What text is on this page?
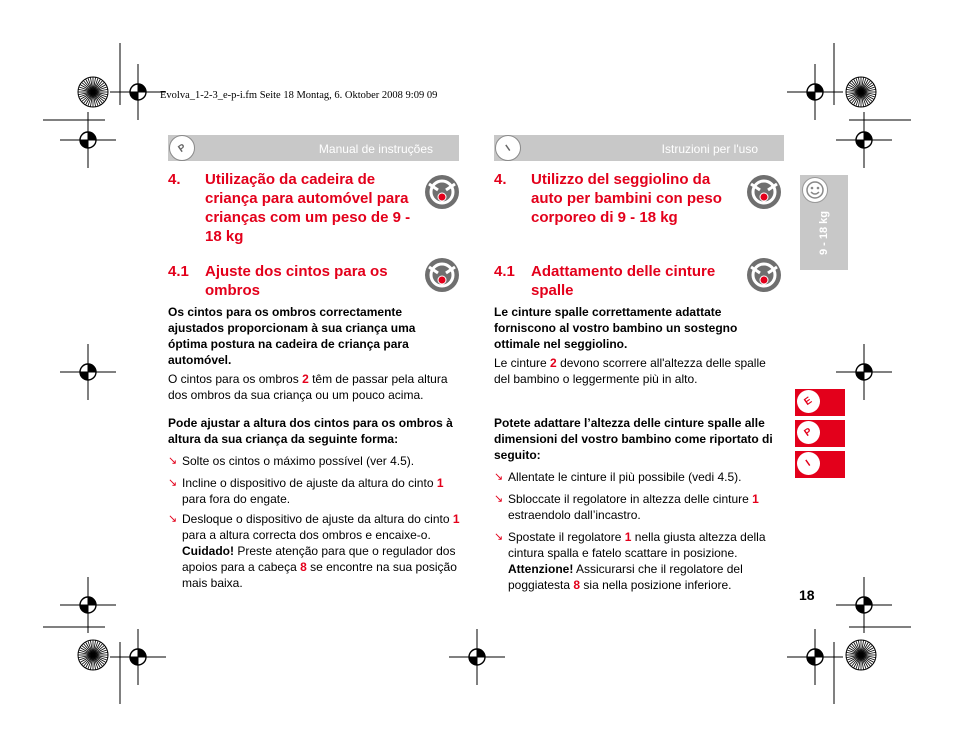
Evolva_1-2-3_e-p-i.fm Seite 18 Montag, 6. Oktober 2008 9:09 09
P	Manual de instruções
4. Utilização da cadeira de criança para automóvel para crianças com um peso de 9 - 18 kg
4.1 Ajuste dos cintos para os ombros
Os cintos para os ombros correctamente ajustados proporcionam à sua criança uma óptima postura na cadeira de criança para automóvel.
O cintos para os ombros 2 têm de passar pela altura dos ombros da sua criança ou um pouco acima.
Pode ajustar a altura dos cintos para os ombros à altura da sua criança da seguinte forma:
↘ Solte os cintos o máximo possível (ver 4.5).
↘ Incline o dispositivo de ajuste da altura do cinto 1 para fora do engate.
↘ Desloque o dispositivo de ajuste da altura do cinto 1 para a altura correcta dos ombros e encaixe-o. Cuidado! Preste atenção para que o regulador dos apoios para a cabeça 8 se encontre na sua posição mais baixa.
I	Istruzioni per l'uso
4. Utilizzo del seggiolino da auto per bambini con peso corporeo di 9 - 18 kg
4.1 Adattamento delle cinture spalle
Le cinture spalle correttamente adattate forniscono al vostro bambino un sostegno ottimale nel seggiolino.
Le cinture 2 devono scorrere all'altezza delle spalle del bambino o leggermente più in alto.
Potete adattare l’altezza delle cinture spalle alle dimensioni del vostro bambino come riportato di seguito:
↘ Allentate le cinture il più possibile (vedi 4.5).
↘ Sbloccate il regolatore in altezza delle cinture 1 estraendolo dall’incastro.
↘ Spostate il regolatore 1 nella giusta altezza della cintura spalla e fatelo scattare in posizione. Attenzione! Assicurarsi che il regolatore del poggiatesta 8 sia nella posizione inferiore.
9 - 18 kg
E
P
I
18
